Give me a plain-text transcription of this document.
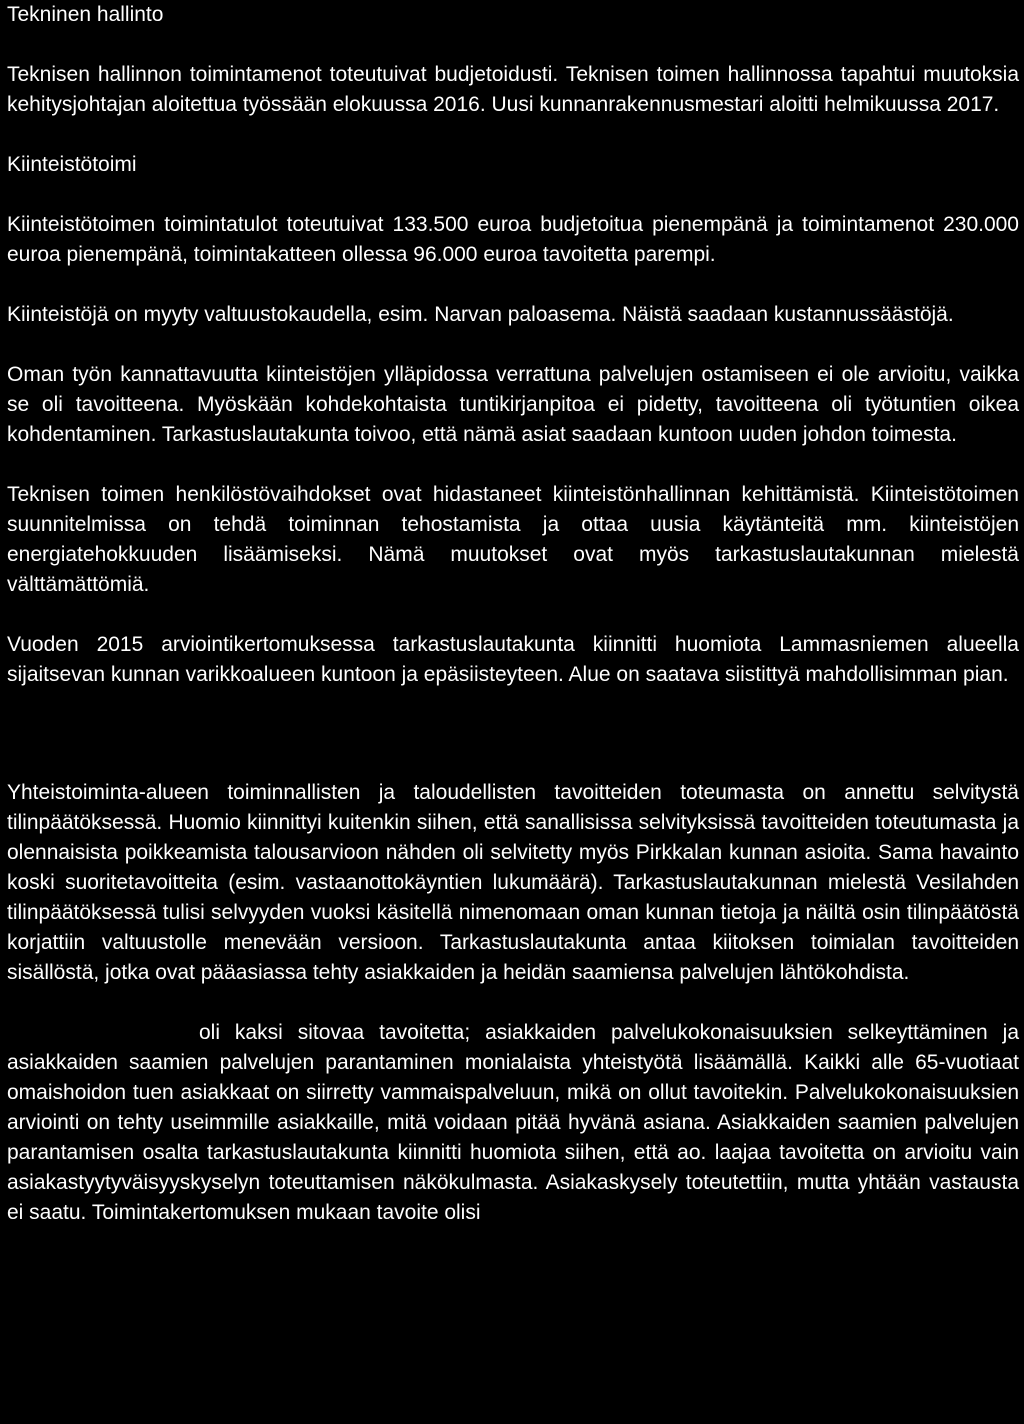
Tekninen hallinto

Teknisen hallinnon toimintamenot toteutuivat budjetoidusti. Teknisen toimen hallinnossa tapahtui muutoksia kehitysjohtajan aloitettua työssään elokuussa 2016. Uusi kunnanrakennusmestari aloitti helmikuussa 2017.

Kiinteistötoimi

Kiinteistötoimen toimintatulot toteutuivat 133.500 euroa budjetoitua pienempänä ja toimintamenot 230.000 euroa pienempänä, toimintakatteen ollessa 96.000 euroa tavoitetta parempi.

Kiinteistöjä on myyty valtuustokaudella, esim. Narvan paloasema. Näistä saadaan kustannussäästöjä.

Oman työn kannattavuutta kiinteistöjen ylläpidossa verrattuna palvelujen ostamiseen ei ole arvioitu, vaikka se oli tavoitteena. Myöskään kohdekohtaista tuntikirjanpitoa ei pidetty, tavoitteena oli työtuntien oikea kohdentaminen. Tarkastuslautakunta toivoo, että nämä asiat saadaan kuntoon uuden johdon toimesta.

Teknisen toimen henkilöstövaihdokset ovat hidastaneet kiinteistönhallinnan kehittämistä. Kiinteistötoimen suunnitelmissa on tehdä toiminnan tehostamista ja ottaa uusia käytänteitä mm. kiinteistöjen energiatehokkuuden lisäämiseksi. Nämä muutokset ovat myös tarkastuslautakunnan mielestä välttämättömiä.

Vuoden 2015 arviointikertomuksessa tarkastuslautakunta kiinnitti huomiota Lammasniemen alueella sijaitsevan kunnan varikkoalueen kuntoon ja epäsiisteyteen. Alue on saatava siistittyä mahdollisimman pian.

Yhteistoiminta-alueen toiminnallisten ja taloudellisten tavoitteiden toteumasta on annettu selvitystä tilinpäätöksessä. Huomio kiinnittyi kuitenkin siihen, että sanallisissa selvityksissä tavoitteiden toteutumasta ja olennaisista poikkeamista talousarvioon nähden oli selvitetty myös Pirkkalan kunnan asioita. Sama havainto koski suoritetavoitteita (esim. vastaanottokäyntien lukumäärä). Tarkastuslautakunnan mielestä Vesilahden tilinpäätöksessä tulisi selvyyden vuoksi käsitellä nimenomaan oman kunnan tietoja ja näiltä osin tilinpäätöstä korjattiin valtuustolle menevään versioon. Tarkastuslautakunta antaa kiitoksen toimialan tavoitteiden sisällöstä, jotka ovat pääasiassa tehty asiakkaiden ja heidän saamiensa palvelujen lähtökohdista.

oli kaksi sitovaa tavoitetta; asiakkaiden palvelukokonaisuuksien selkeyttäminen ja asiakkaiden saamien palvelujen parantaminen monialaista yhteistyötä lisäämällä. Kaikki alle 65-vuotiaat omaishoidon tuen asiakkaat on siirretty vammaispalveluun, mikä on ollut tavoitekin. Palvelukokonaisuuksien arviointi on tehty useimmille asiakkaille, mitä voidaan pitää hyvänä asiana. Asiakkaiden saamien palvelujen parantamisen osalta tarkastuslautakunta kiinnitti huomiota siihen, että ao. laajaa tavoitetta on arvioitu vain asiakastyytyväisyyskyselyn toteuttamisen näkökulmasta. Asiakaskysely toteutettiin, mutta yhtään vastausta ei saatu. Toimintakertomuksen mukaan tavoite olisi
